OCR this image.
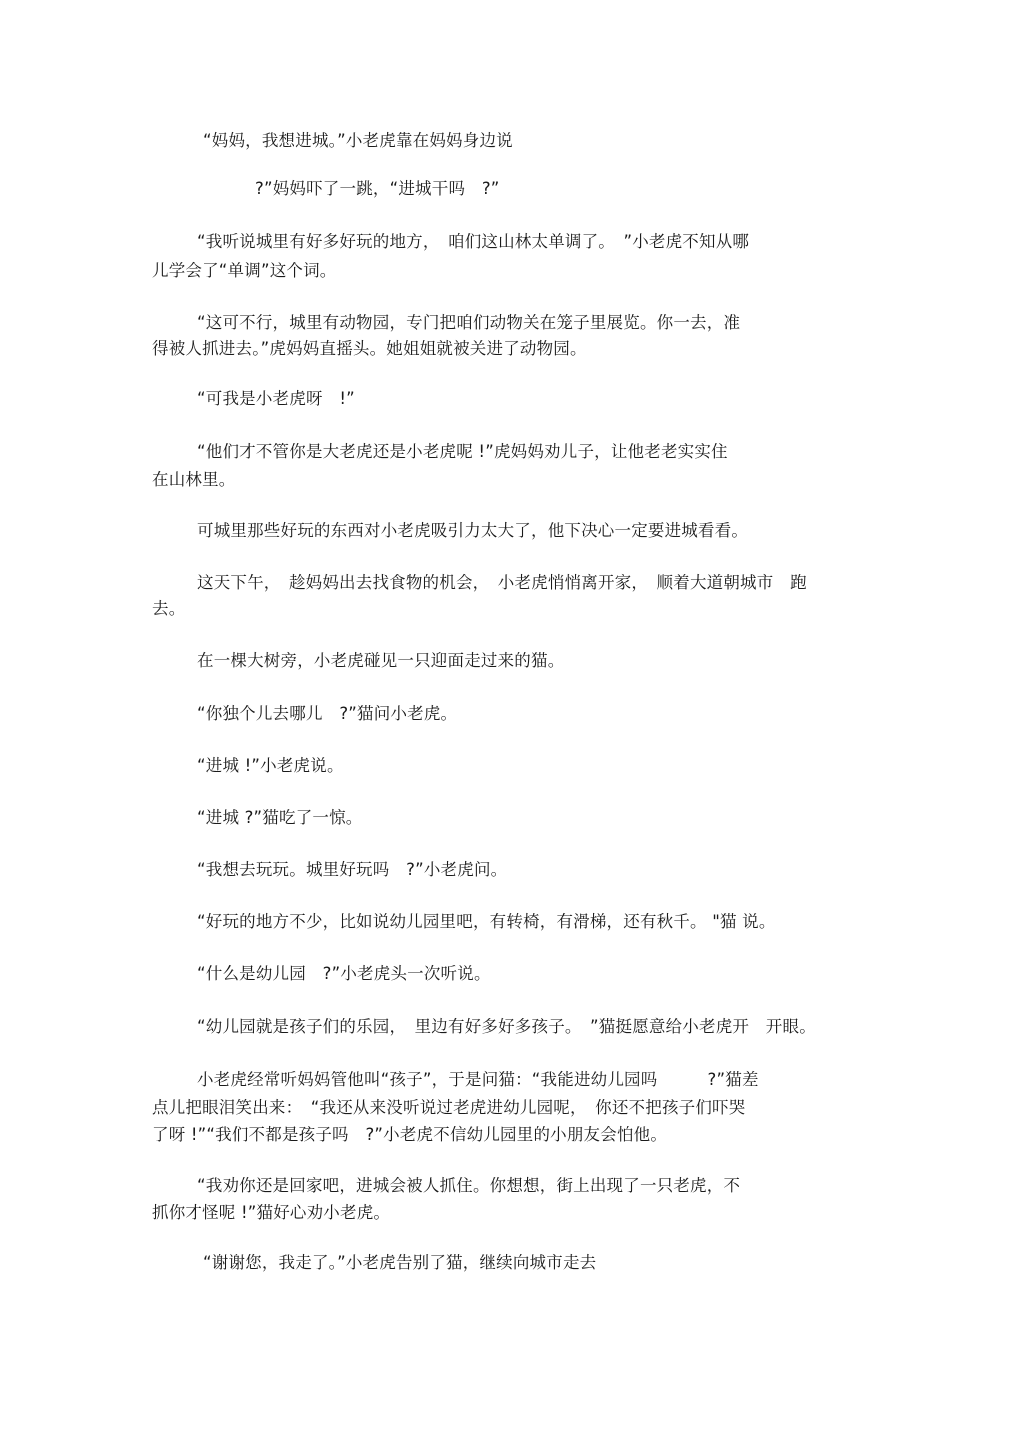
“妈妈，我想进城。”小老虎靠在妈妈身边说
?”妈妈吓了一跳，“进城干吗　?”
“我听说城里有好多好玩的地方，　咱们这山林太单调了。　”小老虎不知从哪
儿学会了“单调”这个词。
“这可不行，城里有动物园，专门把咱们动物关在笼子里展览。你一去，准
得被人抓进去。”虎妈妈直摇头。她姐姐就被关进了动物园。
“可我是小老虎呀　!”
“他们才不管你是大老虎还是小老虎呢 !”虎妈妈劝儿子，让他老老实实住
在山林里。
可城里那些好玩的东西对小老虎吸引力太大了，他下决心一定要进城看看。
这天下午，　趁妈妈出去找食物的机会，　小老虎悄悄离开家，　顺着大道朝城市　跑
去。
在一棵大树旁，小老虎碰见一只迎面走过来的猫。
“你独个儿去哪儿　?”猫问小老虎。
“进城 !”小老虎说。
“进城 ?”猫吃了一惊。
“我想去玩玩。城里好玩吗　?”小老虎问。
“好玩的地方不少，比如说幼儿园里吧，有转椅，有滑梯，还有秋千。 "猫 说。
“什么是幼儿园　?”小老虎头一次听说。
“幼儿园就是孩子们的乐园，　里边有好多好多孩子。　”猫挺愿意给小老虎开　开眼。
小老虎经常听妈妈管他叫“孩子”，于是问猫：“我能进幼儿园吗　　　?”猫差
点儿把眼泪笑出来：　“我还从来没听说过老虎进幼儿园呢，　你还不把孩子们吓哭
了呀 !”“我们不都是孩子吗　?”小老虎不信幼儿园里的小朋友会怕他。
“我劝你还是回家吧，进城会被人抓住。你想想，街上出现了一只老虎，不
抓你才怪呢 !”猫好心劝小老虎。
“谢谢您，我走了。”小老虎告别了猫，继续向城市走去
